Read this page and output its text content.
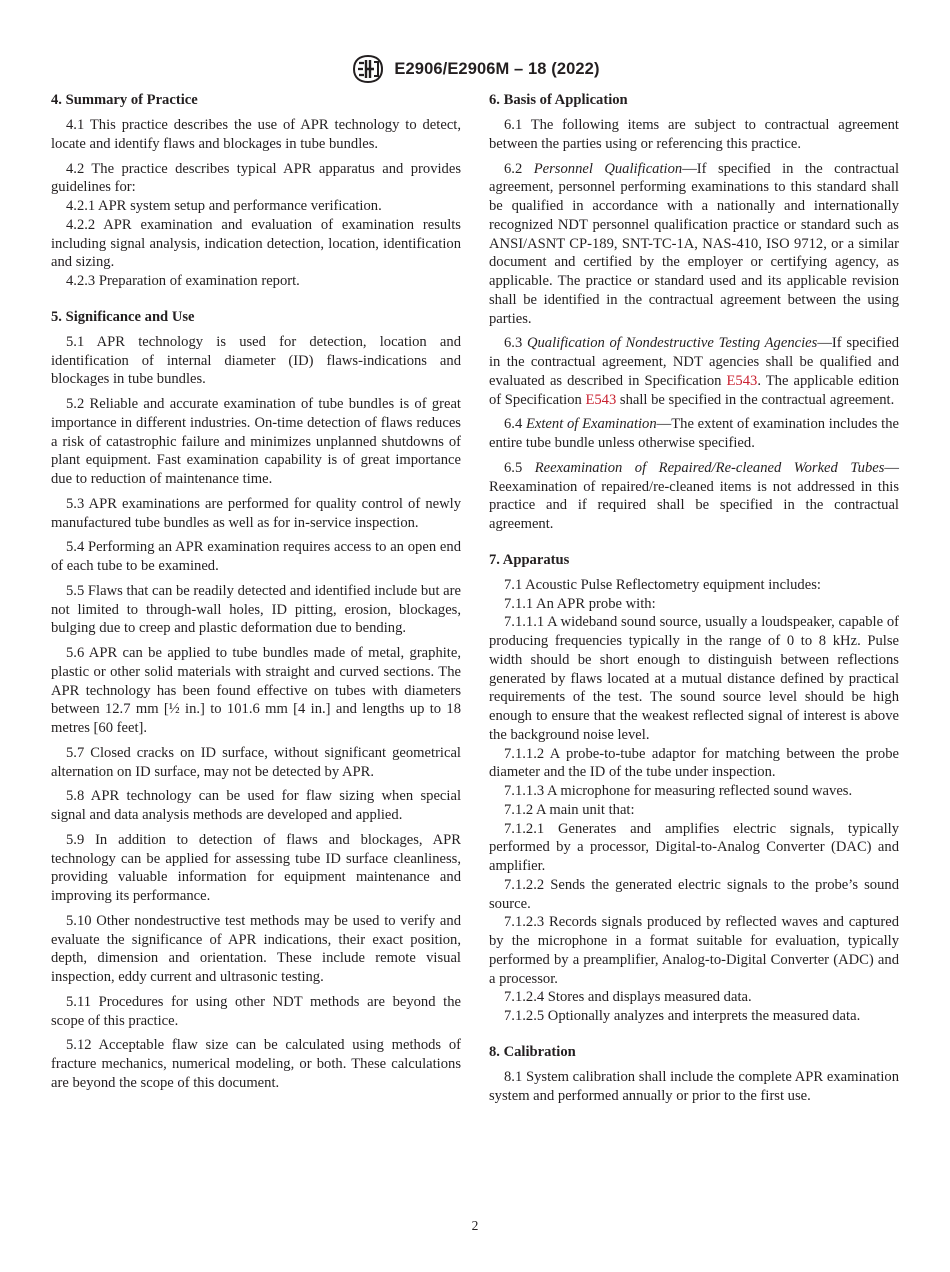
E2906/E2906M – 18 (2022)
4. Summary of Practice

4.1 This practice describes the use of APR technology to detect, locate and identify flaws and blockages in tube bundles.

4.2 The practice describes typical APR apparatus and provides guidelines for:

4.2.1 APR system setup and performance verification.

4.2.2 APR examination and evaluation of examination results including signal analysis, indication detection, location, identification and sizing.

4.2.3 Preparation of examination report.

5. Significance and Use

5.1 APR technology is used for detection, location and identification of internal diameter (ID) flaws-indications and blockages in tube bundles.

5.2 Reliable and accurate examination of tube bundles is of great importance in different industries. On-time detection of flaws reduces a risk of catastrophic failure and minimizes unplanned shutdowns of plant equipment. Fast examination capability is of great importance due to reduction of maintenance time.

5.3 APR examinations are performed for quality control of newly manufactured tube bundles as well as for in-service inspection.

5.4 Performing an APR examination requires access to an open end of each tube to be examined.

5.5 Flaws that can be readily detected and identified include but are not limited to through-wall holes, ID pitting, erosion, blockages, bulging due to creep and plastic deformation due to bending.

5.6 APR can be applied to tube bundles made of metal, graphite, plastic or other solid materials with straight and curved sections. The APR technology has been found effective on tubes with diameters between 12.7 mm [½ in.] to 101.6 mm [4 in.] and lengths up to 18 metres [60 feet].

5.7 Closed cracks on ID surface, without significant geometrical alternation on ID surface, may not be detected by APR.

5.8 APR technology can be used for flaw sizing when special signal and data analysis methods are developed and applied.

5.9 In addition to detection of flaws and blockages, APR technology can be applied for assessing tube ID surface cleanliness, providing valuable information for equipment maintenance and improving its performance.

5.10 Other nondestructive test methods may be used to verify and evaluate the significance of APR indications, their exact position, depth, dimension and orientation. These include remote visual inspection, eddy current and ultrasonic testing.

5.11 Procedures for using other NDT methods are beyond the scope of this practice.

5.12 Acceptable flaw size can be calculated using methods of fracture mechanics, numerical modeling, or both. These calculations are beyond the scope of this document.

6. Basis of Application

6.1 The following items are subject to contractual agreement between the parties using or referencing this practice.

6.2 Personnel Qualification—If specified in the contractual agreement, personnel performing examinations to this standard shall be qualified in accordance with a nationally and internationally recognized NDT personnel qualification practice or standard such as ANSI/ASNT CP-189, SNT-TC-1A, NAS-410, ISO 9712, or a similar document and certified by the employer or certifying agency, as applicable. The practice or standard used and its applicable revision shall be identified in the contractual agreement between the using parties.

6.3 Qualification of Nondestructive Testing Agencies—If specified in the contractual agreement, NDT agencies shall be qualified and evaluated as described in Specification E543. The applicable edition of Specification E543 shall be specified in the contractual agreement.

6.4 Extent of Examination—The extent of examination includes the entire tube bundle unless otherwise specified.

6.5 Reexamination of Repaired/Re-cleaned Worked Tubes—Reexamination of repaired/re-cleaned items is not addressed in this practice and if required shall be specified in the contractual agreement.

7. Apparatus

7.1 Acoustic Pulse Reflectometry equipment includes:

7.1.1 An APR probe with:

7.1.1.1 A wideband sound source, usually a loudspeaker, capable of producing frequencies typically in the range of 0 to 8 kHz. Pulse width should be short enough to distinguish between reflections generated by flaws located at a mutual distance defined by practical requirements of the test. The sound source level should be high enough to ensure that the weakest reflected signal of interest is above the background noise level.

7.1.1.2 A probe-to-tube adaptor for matching between the probe diameter and the ID of the tube under inspection.

7.1.1.3 A microphone for measuring reflected sound waves.

7.1.2 A main unit that:

7.1.2.1 Generates and amplifies electric signals, typically performed by a processor, Digital-to-Analog Converter (DAC) and amplifier.

7.1.2.2 Sends the generated electric signals to the probe’s sound source.

7.1.2.3 Records signals produced by reflected waves and captured by the microphone in a format suitable for evaluation, typically performed by a preamplifier, Analog-to-Digital Converter (ADC) and a processor.

7.1.2.4 Stores and displays measured data.

7.1.2.5 Optionally analyzes and interprets the measured data.

8. Calibration

8.1 System calibration shall include the complete APR examination system and performed annually or prior to the first use.

2
